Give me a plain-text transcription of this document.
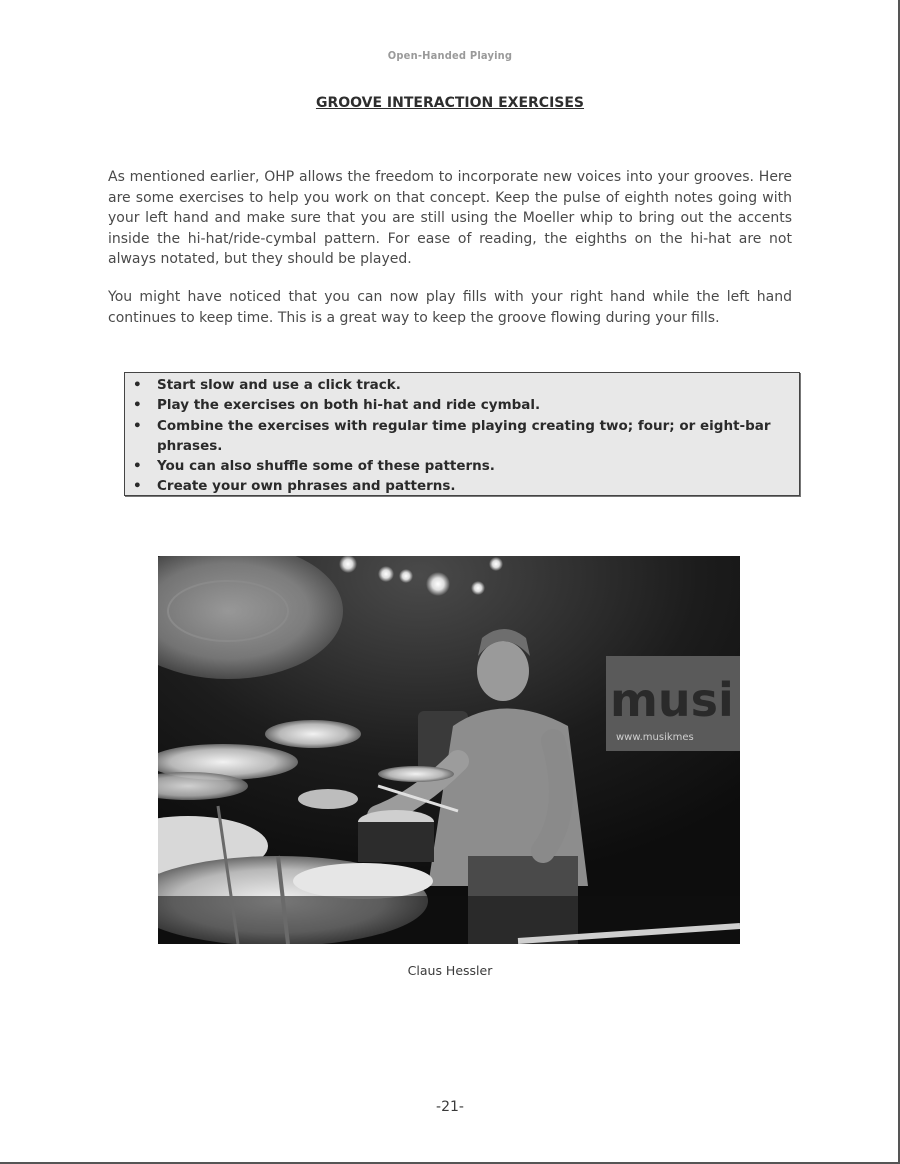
Open-Handed Playing
GROOVE INTERACTION EXERCISES

As mentioned earlier, OHP allows the freedom to incorporate new voices into your grooves. Here are some exercises to help you work on that concept. Keep the pulse of eighth notes going with your left hand and make sure that you are still using the Moeller whip to bring out the accents inside the hi-hat/ride-cymbal pattern. For ease of reading, the eighths on the hi-hat are not always notated, but they should be played.

You might have noticed that you can now play fills with your right hand while the left hand continues to keep time. This is a great way to keep the groove flowing during your fills.

• Start slow and use a click track.
• Play the exercises on both hi-hat and ride cymbal.
• Combine the exercises with regular time playing creating two; four; or eight-bar phrases.
• You can also shuffle some of these patterns.
• Create your own phrases and patterns.
musi
www.musikmes
Claus Hessler
-21-
